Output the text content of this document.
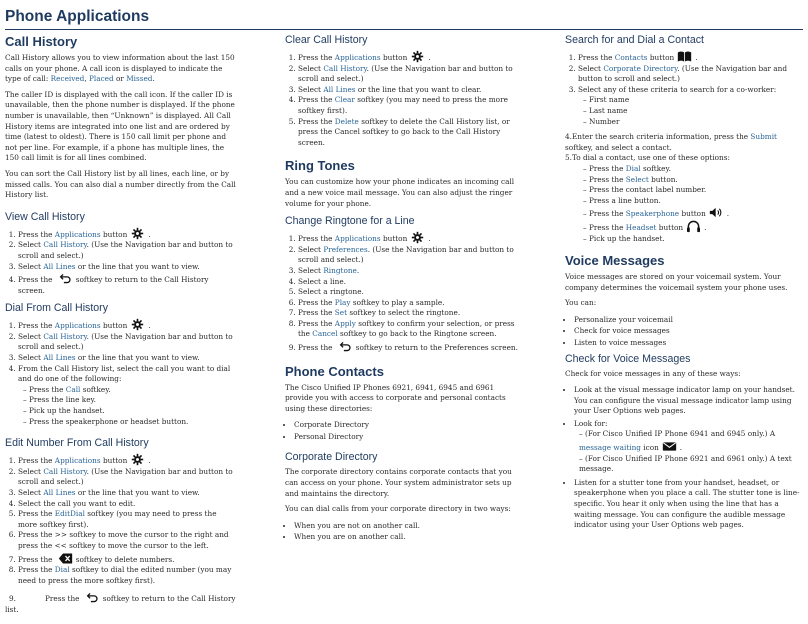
Phone Applications
Call History

Call History allows you to view information about the last 150 calls on your phone. A call icon is displayed to indicate the type of call: Received, Placed or Missed.

The caller ID is displayed with the call icon. If the caller ID is unavailable, then the phone number is displayed. If the phone number is unavailable, then “Unknown” is displayed. All Call History items are integrated into one list and are ordered by time (latest to oldest). There is 150 call limit per phone and not per line. For example, if a phone has multiple lines, the 150 call limit is for all lines combined.

You can sort the Call History list by all lines, each line, or by missed calls. You can also dial a number directly from the Call History list.

View Call History
1. Press the Applications button	.
2. Select Call History. (Use the Navigation bar and button to scroll and select.)
3. Select All Lines or the line that you want to view.
4. Press the	softkey to return to the Call History screen.
Dial From Call History
1. Press the Applications button	.
2. Select Call History. (Use the Navigation bar and button to scroll and select.)
3. Select All Lines or the line that you want to view.
4. From the Call History list, select the call you want to dial and do one of the following:
– Press the Call softkey.
– Press the line key.
– Pick up the handset.
– Press the speakerphone or headset button.
Edit Number From Call History
1. Press the Applications button	.
2. Select Call History. (Use the Navigation bar and button to scroll and select.)
3. Select All Lines or the line that you want to view.
4. Select the call you want to edit.
5. Press the EditDial softkey (you may need to press the more softkey first).
6. Press the >> softkey to move the cursor to the right and press the << softkey to move the cursor to the left.
7. Press the	softkey to delete numbers.
8. Press the Dial softkey to dial the edited number (you may need to press the more softkey first).
9.	Press the	softkey to return to the Call History list.
Clear Call History
1. Press the Applications button	.
2. Select Call History. (Use the Navigation bar and button to scroll and select.)
3. Select All Lines or the line that you want to clear.
4. Press the Clear softkey (you may need to press the more softkey first).
5. Press the Delete softkey to delete the Call History list, or press the Cancel softkey to go back to the Call History screen.
Ring Tones

You can customize how your phone indicates an incoming call and a new voice mail message. You can also adjust the ringer volume for your phone.

Change Ringtone for a Line
1. Press the Applications button	.
2. Select Preferences. (Use the Navigation bar and button to scroll and select.)
3. Select Ringtone.
4. Select a line.
5. Select a ringtone.
6. Press the Play softkey to play a sample.
7. Press the Set softkey to select the ringtone.
8. Press the Apply softkey to confirm your selection, or press the Cancel softkey to go back to the Ringtone screen.
9. Press the	softkey to return to the Preferences screen.
Phone Contacts

The Cisco Unified IP Phones 6921, 6941, 6945 and 6961 provide you with access to corporate and personal contacts using these directories:

• Corporate Directory
• Personal Directory
Corporate Directory

The corporate directory contains corporate contacts that you can access on your phone. Your system administrator sets up and maintains the directory.

You can dial calls from your corporate directory in two ways:

• When you are not on another call.
• When you are on another call.
Search for and Dial a Contact
1. Press the Contacts button	.
2. Select Corporate Directory. (Use the Navigation bar and button to scroll and select.)
3. Select any of these criteria to search for a co-worker:
– First name
– Last name
– Number
4.Enter the search criteria information, press the Submit softkey, and select a contact.
5.To dial a contact, use one of these options:
– Press the Dial softkey.
– Press the Select button.
– Press the contact label number.
– Press a line button.
– Press the Speakerphone button	.
– Press the Headset button	.
– Pick up the handset.
Voice Messages

Voice messages are stored on your voicemail system. Your company determines the voicemail system your phone uses.

You can:

• Personalize your voicemail
• Check for voice messages
• Listen to voice messages
Check for Voice Messages

Check for voice messages in any of these ways:

• Look at the visual message indicator lamp on your handset. You can configure the visual message indicator lamp using your User Options web pages.
• Look for:
– (For Cisco Unified IP Phone 6941 and 6945 only.) A message waiting icon	.
– (For Cisco Unified IP Phone 6921 and 6961 only.) A text message.
• Listen for a stutter tone from your handset, headset, or speakerphone when you place a call. The stutter tone is line-specific. You hear it only when using the line that has a waiting message. You can configure the audible message indicator using your User Options web pages.
